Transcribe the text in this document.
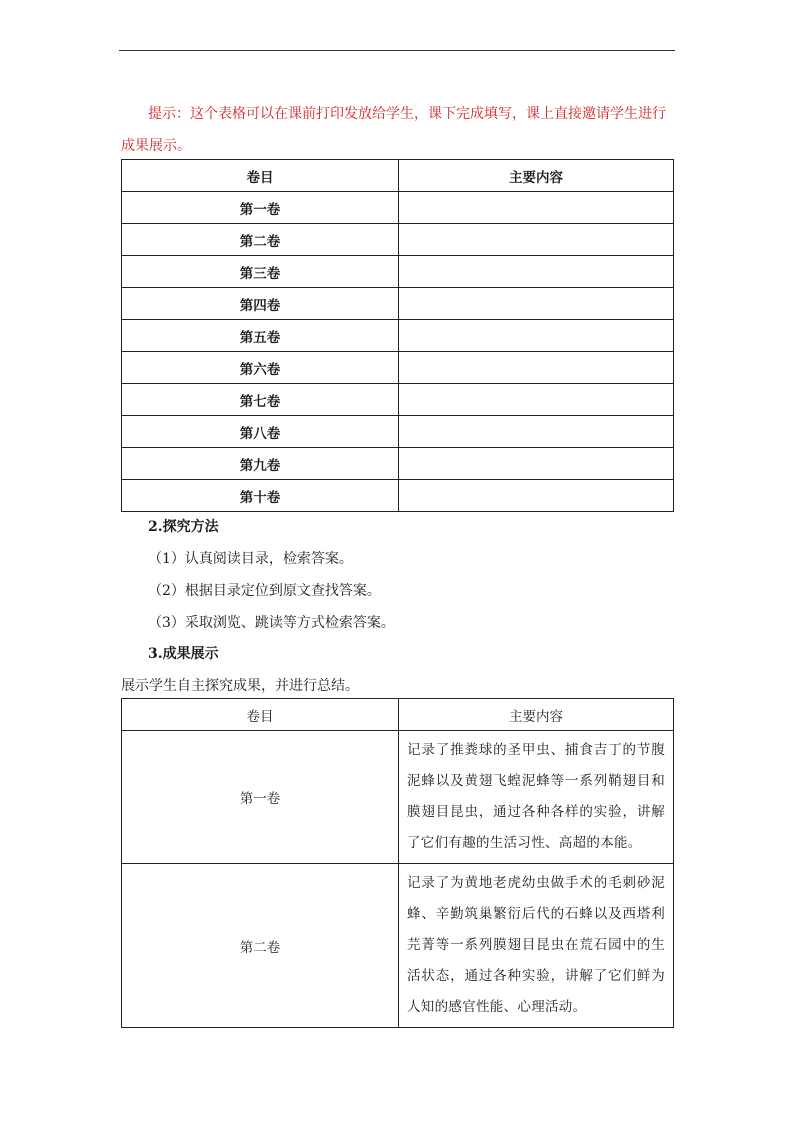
提示：这个表格可以在课前打印发放给学生，课下完成填写，课上直接邀请学生进行成果展示。
卷目	主要内容
第一卷	
第二卷	
第三卷	
第四卷	
第五卷	
第六卷	
第七卷	
第八卷	
第九卷	
第十卷	
2.探究方法
（1）认真阅读目录，检索答案。
（2）根据目录定位到原文查找答案。
（3）采取浏览、跳读等方式检索答案。
3.成果展示
展示学生自主探究成果，并进行总结。
卷目	主要内容
第一卷	记录了推粪球的圣甲虫、捕食吉丁的节腹泥蜂以及黄翅飞蝗泥蜂等一系列鞘翅目和膜翅目昆虫，通过各种各样的实验，讲解了它们有趣的生活习性、高超的本能。
第二卷	记录了为黄地老虎幼虫做手术的毛刺砂泥蜂、辛勤筑巢繁衍后代的石蜂以及西塔利芫菁等一系列膜翅目昆虫在荒石园中的生活状态，通过各种实验，讲解了它们鲜为人知的感官性能、心理活动。
